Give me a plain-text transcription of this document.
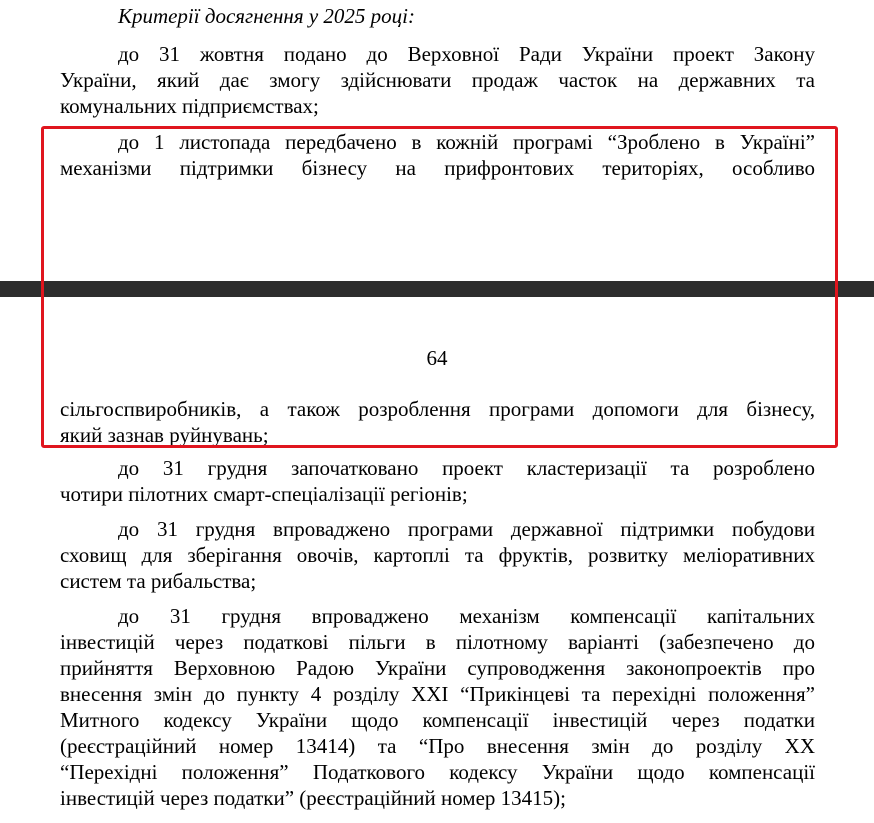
Критерії досягнення у 2025 році:
до 31 жовтня подано до Верховної Ради України проект Закону
України, який дає змогу здійснювати продаж часток на державних та
комунальних підприємствах;
до 1 листопада передбачено в кожній програмі “Зроблено в Україні”
механізми підтримки бізнесу на прифронтових територіях, особливо
64
сільгоспвиробників, а також розроблення програми допомоги для бізнесу,
який зазнав руйнувань;
до 31 грудня започатковано проект кластеризації та розроблено
чотири пілотних смарт-спеціалізації регіонів;
до 31 грудня впроваджено програми державної підтримки побудови
сховищ для зберігання овочів, картоплі та фруктів, розвитку меліоративних
систем та рибальства;
до 31 грудня впроваджено механізм компенсації капітальних
інвестицій через податкові пільги в пілотному варіанті (забезпечено до
прийняття Верховною Радою України супроводження законопроектів про
внесення змін до пункту 4 розділу XXI “Прикінцеві та перехідні положення”
Митного кодексу України щодо компенсації інвестицій через податки
(реєстраційний номер 13414) та “Про внесення змін до розділу XX
“Перехідні положення” Податкового кодексу України щодо компенсації
інвестицій через податки” (реєстраційний номер 13415);
